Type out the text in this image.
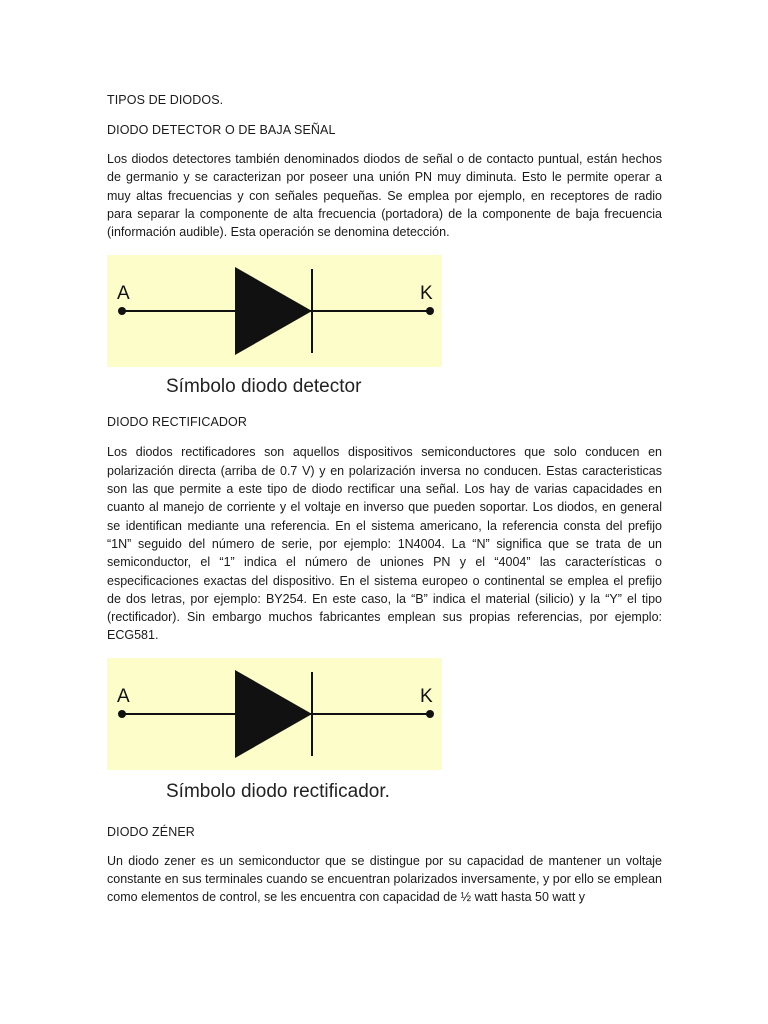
TIPOS DE DIODOS.

DIODO DETECTOR O DE BAJA SEÑAL

Los diodos detectores también denominados diodos de señal o de contacto puntual, están hechos de germanio y se caracterizan por poseer una unión PN muy diminuta. Esto le permite operar a muy altas frecuencias y con señales pequeñas. Se emplea por ejemplo, en receptores de radio para separar la componente de alta frecuencia (portadora) de la componente de baja frecuencia (información audible). Esta operación se denomina detección.

A	K
Símbolo diodo detector

DIODO RECTIFICADOR

Los diodos rectificadores son aquellos dispositivos semiconductores que solo conducen en polarización directa (arriba de 0.7 V) y en polarización inversa no conducen. Estas caracteristicas son las que permite a este tipo de diodo rectificar una señal. Los hay de varias capacidades en cuanto al manejo de corriente y el voltaje en inverso que pueden soportar. Los diodos, en general se identifican mediante una referencia. En el sistema americano, la referencia consta del prefijo “1N” seguido del número de serie, por ejemplo: 1N4004. La “N” significa que se trata de un semiconductor, el “1” indica el número de uniones PN y el “4004” las características o especificaciones exactas del dispositivo. En el sistema europeo o continental se emplea el prefijo de dos letras, por ejemplo: BY254. En este caso, la “B” indica el material (silicio) y la “Y” el tipo (rectificador). Sin embargo muchos fabricantes emplean sus propias referencias, por ejemplo: ECG581.

A	K
Símbolo diodo rectificador.

DIODO ZÉNER

Un diodo zener es un semiconductor que se distingue por su capacidad de mantener un voltaje constante en sus terminales cuando se encuentran polarizados inversamente, y por ello se emplean como elementos de control, se les encuentra con capacidad de ½ watt hasta 50 watt y
